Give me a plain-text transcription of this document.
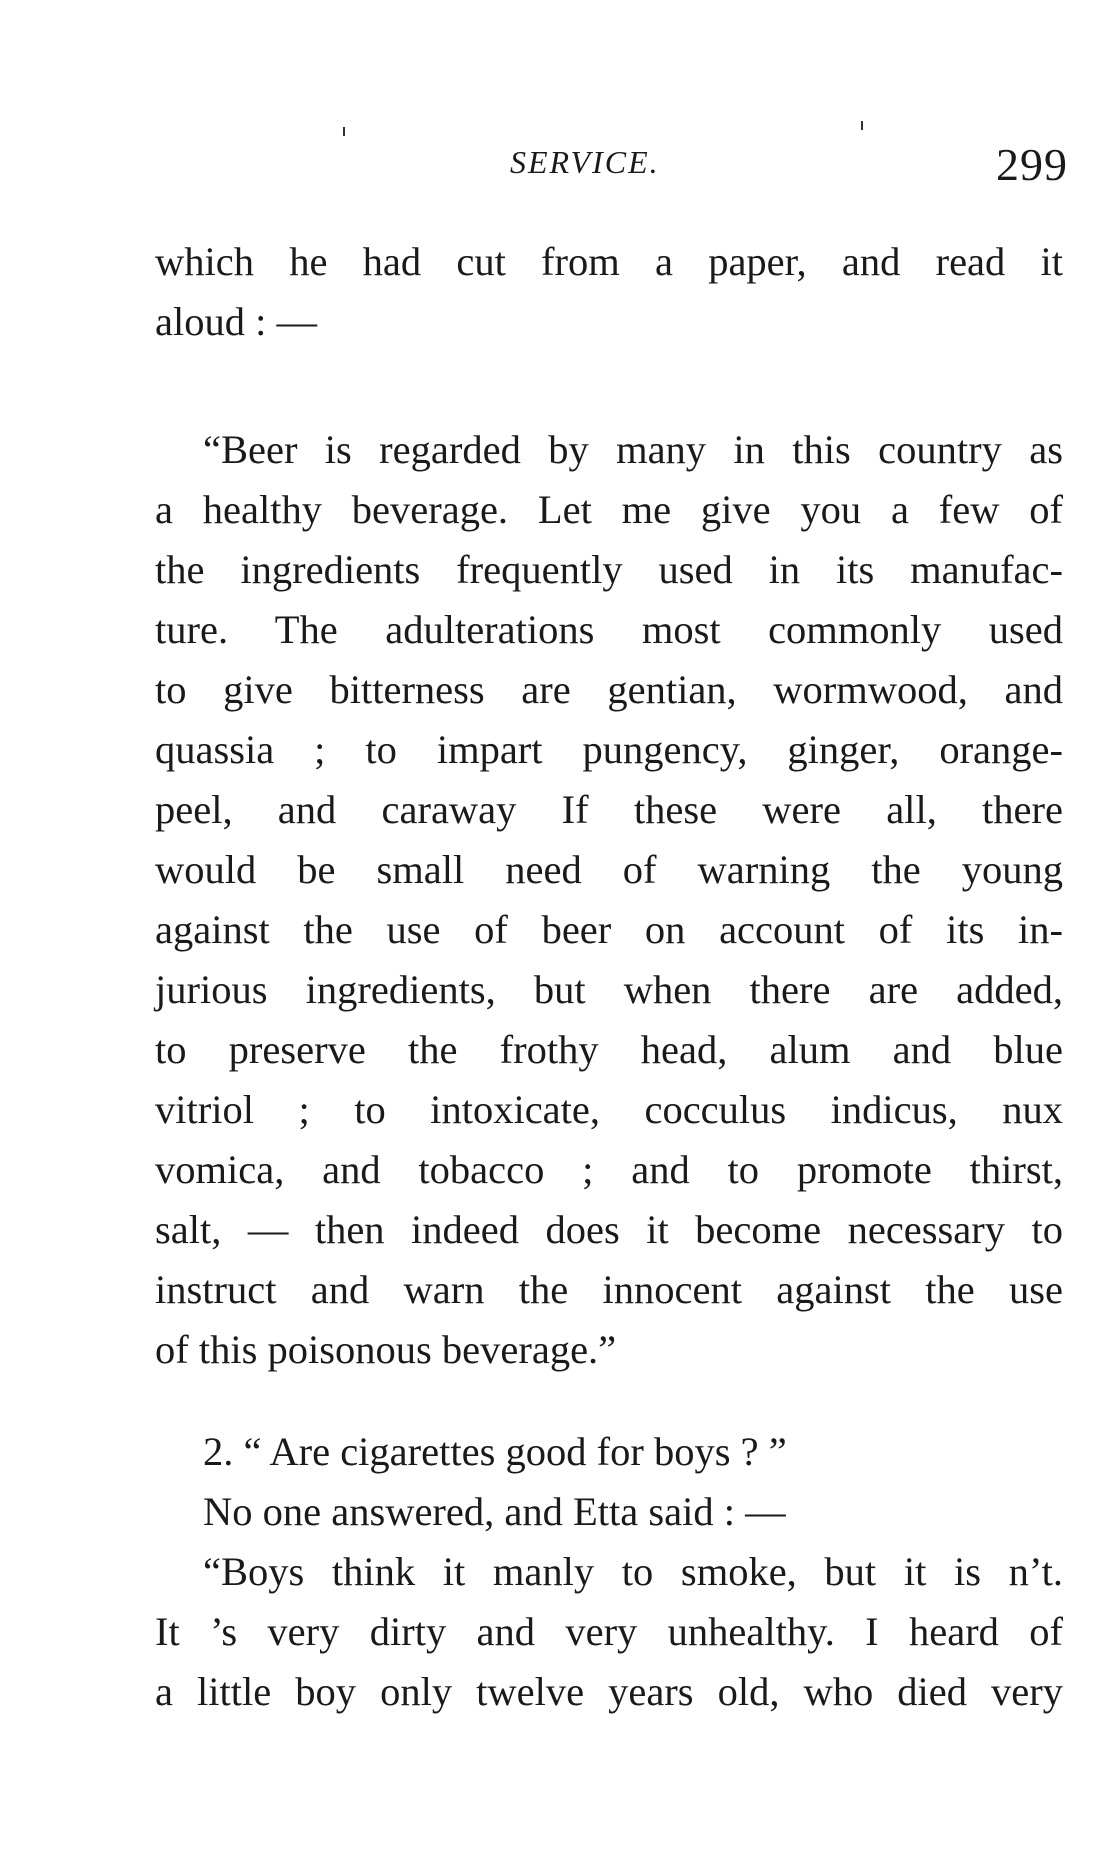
SERVICE.	299
which he had cut from a paper, and read it
aloud : —
“Beer is regarded by many in this country as
a healthy beverage. Let me give you a few of
the ingredients frequently used in its manufac-
ture. The adulterations most commonly used
to give bitterness are gentian, wormwood, and
quassia ; to impart pungency, ginger, orange-
peel, and caraway If these were all, there
would be small need of warning the young
against the use of beer on account of its in-
jurious ingredients, but when there are added,
to preserve the frothy head, alum and blue
vitriol ; to intoxicate, cocculus indicus, nux
vomica, and tobacco ; and to promote thirst,
salt, — then indeed does it become necessary to
instruct and warn the innocent against the use
of this poisonous beverage.”
2. “ Are cigarettes good for boys ? ”
No one answered, and Etta said : —
“Boys think it manly to smoke, but it is n’t.
It ’s very dirty and very unhealthy. I heard of
a little boy only twelve years old, who died very
